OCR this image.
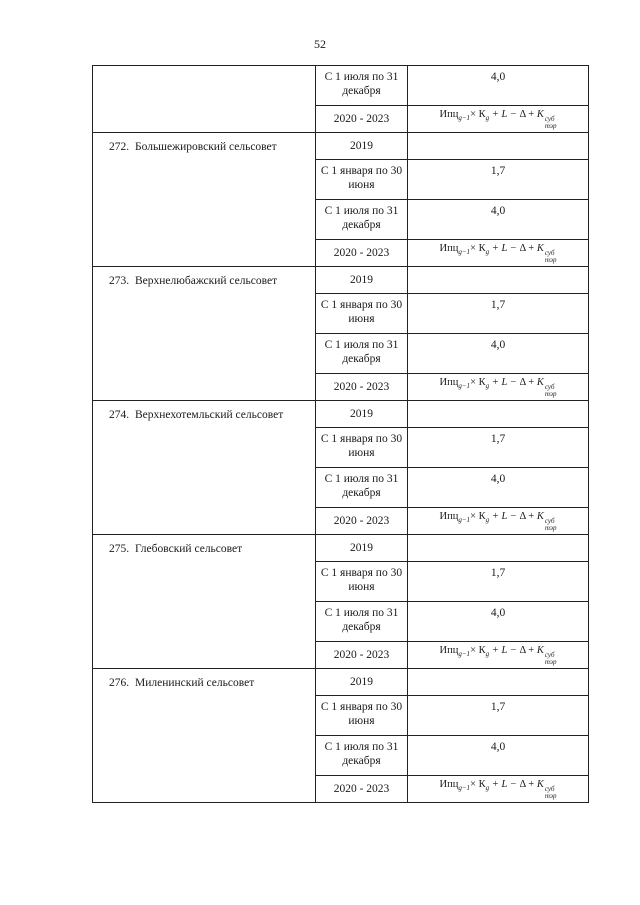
52
	С 1 июля по 31 декабря	4,0
	2020 - 2023	$Ипц_{g-1}\times К_g + L - \Delta + K$ суб
тэр

272. Большежировский сельсовет	2019	
	С 1 января по 30 июня	1,7
	С 1 июля по 31 декабря	4,0
	2020 - 2023	$Ипц_{g-1}\times К_g + L - \Delta + K$ суб
тэр

273. Верхнелюбажский сельсовет	2019	
	С 1 января по 30 июня	1,7
	С 1 июля по 31 декабря	4,0
	2020 - 2023	$Ипц_{g-1}\times К_g + L - \Delta + K$ суб
тэр

274. Верхнехотемльский сельсовет	2019	
	С 1 января по 30 июня	1,7
	С 1 июля по 31 декабря	4,0
	2020 - 2023	$Ипц_{g-1}\times К_g + L - \Delta + K$ суб
тэр

275. Глебовский сельсовет	2019	
	С 1 января по 30 июня	1,7
	С 1 июля по 31 декабря	4,0
	2020 - 2023	$Ипц_{g-1}\times К_g + L - \Delta + K$ суб
тэр

276. Миленинский сельсовет	2019	
	С 1 января по 30 июня	1,7
	С 1 июля по 31 декабря	4,0
	2020 - 2023	$Ипц_{g-1}\times К_g + L - \Delta + K$ суб
тэр
